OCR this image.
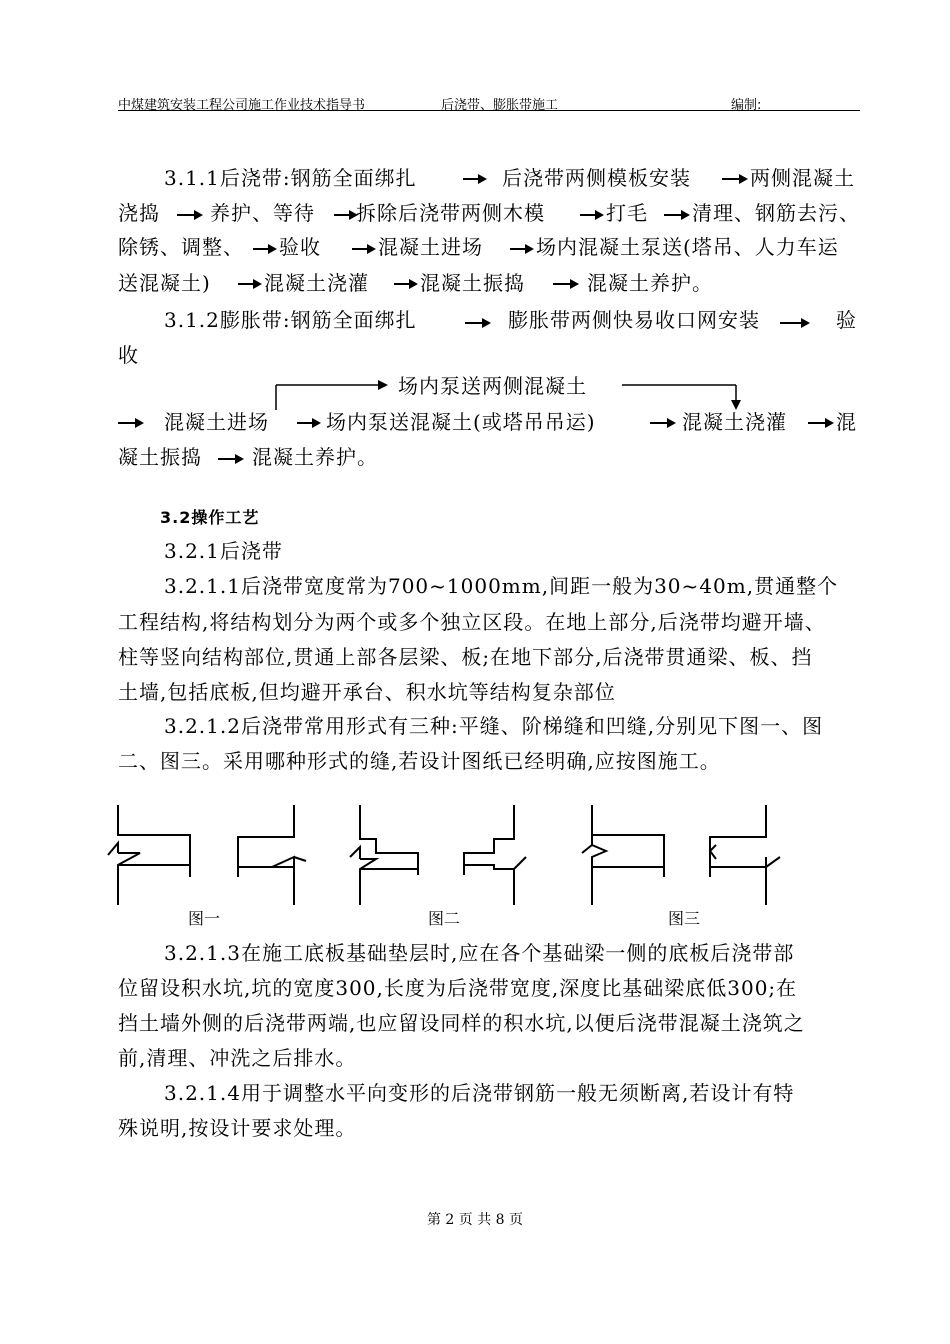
中煤建筑安装工程公司施工作业技术指导书	后浇带、膨胀带施工	编制:
3.1.1后浇带:钢筋全面绑扎	后浇带两侧模板安装	两侧混凝土
浇捣	养护、等待 拆除后浇带两侧木模	打毛 清理、钢筋去污、
除锈、调整、 验收	混凝土进场	场内混凝土泵送(塔吊、人力车运
送混凝土)	混凝土浇灌	混凝土振捣	混凝土养护。
3.1.2膨胀带:钢筋全面绑扎	膨胀带两侧快易收口网安装	验
收
场内泵送两侧混凝土
混凝土进场	场内泵送混凝土(或塔吊吊运)	混凝土浇灌 混
凝土振捣	混凝土养护。
3.2操作工艺
3.2.1后浇带
3.2.1.1后浇带宽度常为700~1000mm,间距一般为30~40m,贯通整个
工程结构,将结构划分为两个或多个独立区段。在地上部分,后浇带均避开墙、
柱等竖向结构部位,贯通上部各层梁、板;在地下部分,后浇带贯通梁、板、挡
土墙,包括底板,但均避开承台、积水坑等结构复杂部位
3.2.1.2后浇带常用形式有三种:平缝、阶梯缝和凹缝,分别见下图一、图
二、图三。采用哪种形式的缝,若设计图纸已经明确,应按图施工。
图一	图二	图三
3.2.1.3在施工底板基础垫层时,应在各个基础梁一侧的底板后浇带部
位留设积水坑,坑的宽度300,长度为后浇带宽度,深度比基础梁底低300;在
挡土墙外侧的后浇带两端,也应留设同样的积水坑,以便后浇带混凝土浇筑之
前,清理、冲洗之后排水。
3.2.1.4用于调整水平向变形的后浇带钢筋一般无须断离,若设计有特
殊说明,按设计要求处理。
第 2 页 共 8 页
